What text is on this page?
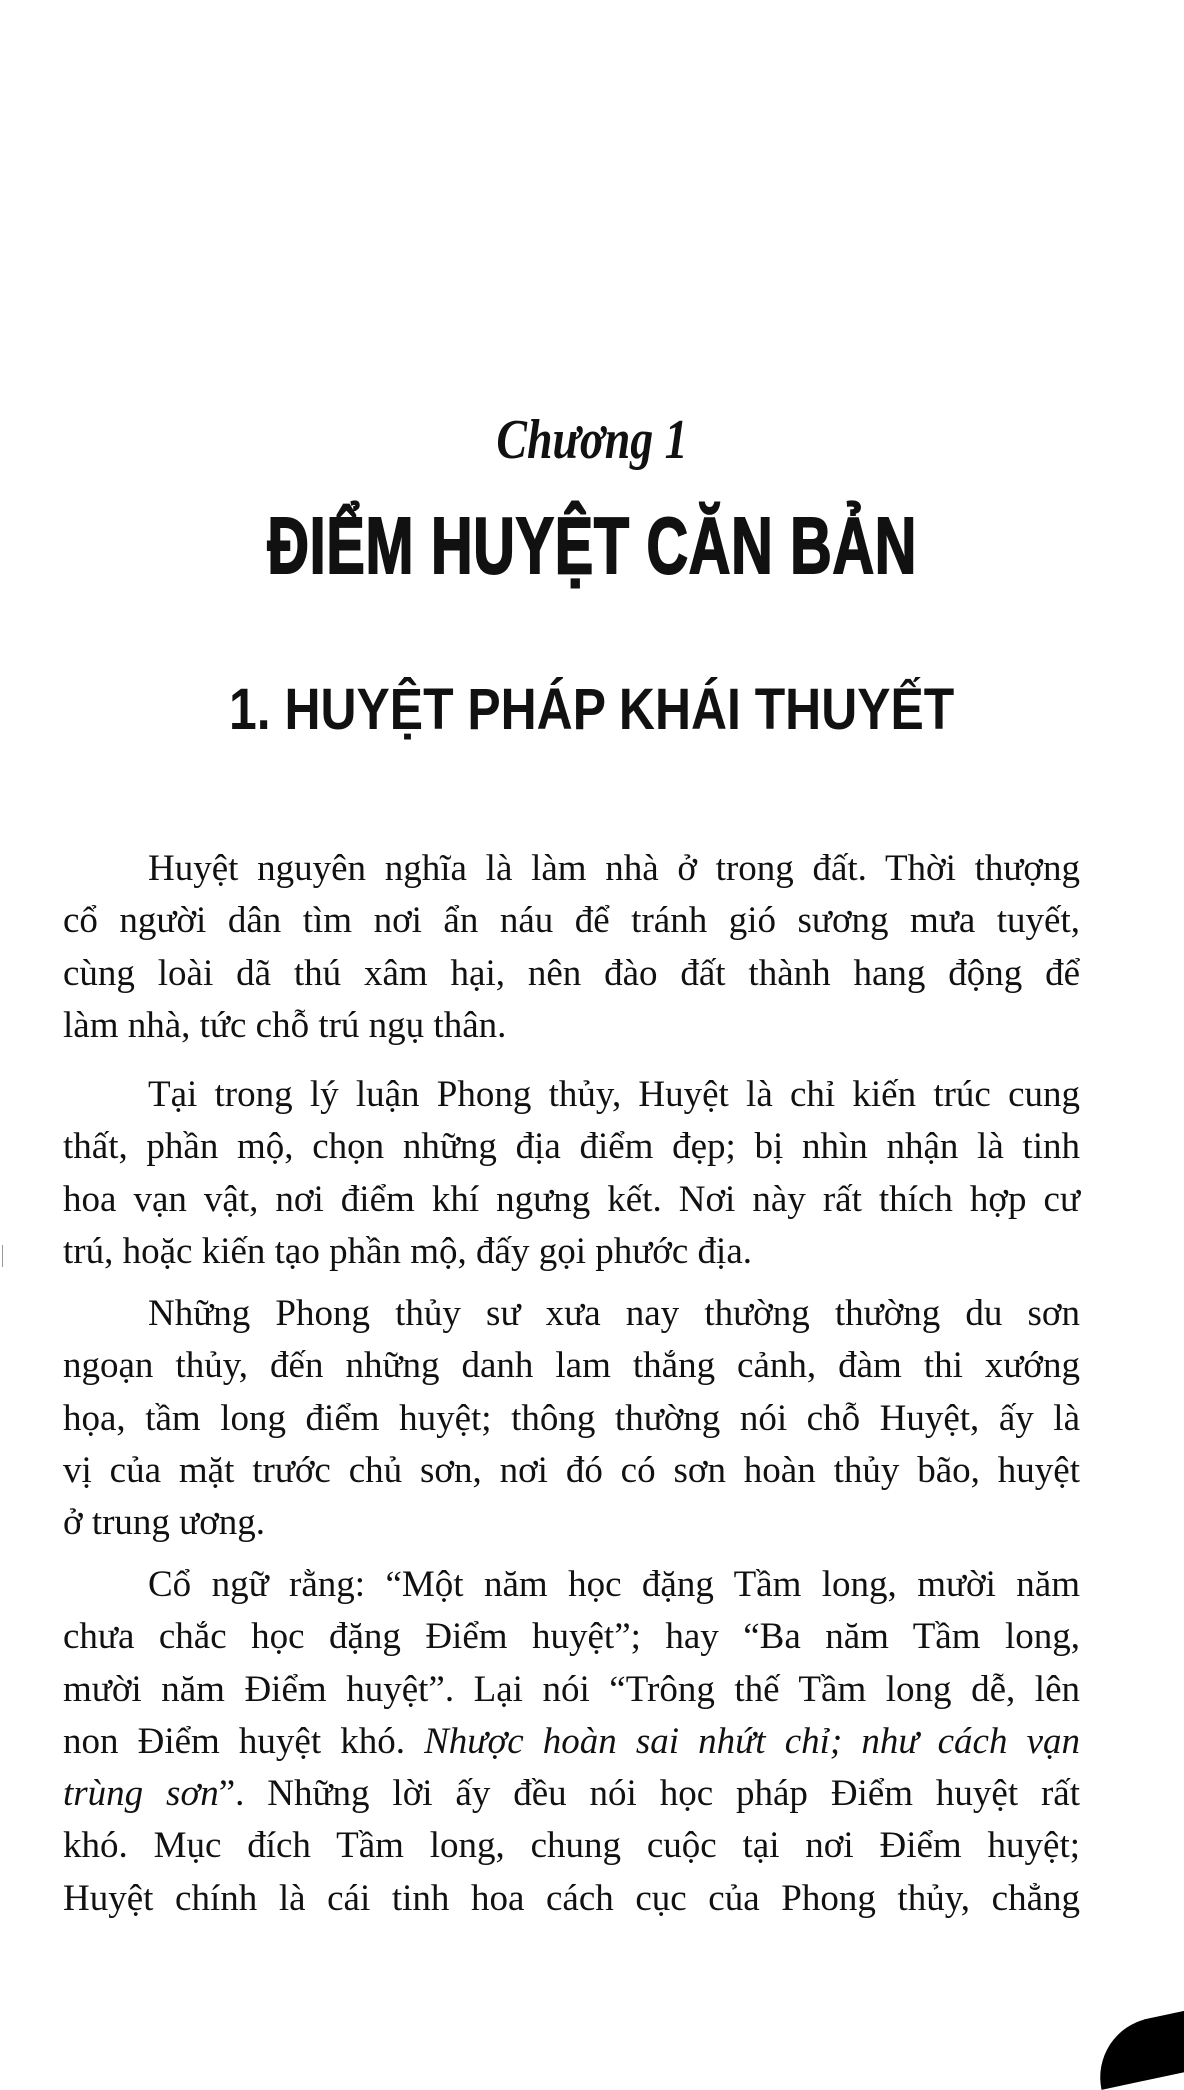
Chương 1
ĐIỂM HUYỆT CĂN BẢN
1. HUYỆT PHÁP KHÁI THUYẾT
Huyệt nguyên nghĩa là làm nhà ở trong đất. Thời thượng
cổ người dân tìm nơi ẩn náu để tránh gió sương mưa tuyết,
cùng loài dã thú xâm hại, nên đào đất thành hang động để
làm nhà, tức chỗ trú ngụ thân.
Tại trong lý luận Phong thủy, Huyệt là chỉ kiến trúc cung
thất, phần mộ, chọn những địa điểm đẹp; bị nhìn nhận là tinh
hoa vạn vật, nơi điểm khí ngưng kết. Nơi này rất thích hợp cư
trú, hoặc kiến tạo phần mộ, đấy gọi phước địa.
Những Phong thủy sư xưa nay thường thường du sơn
ngoạn thủy, đến những danh lam thắng cảnh, đàm thi xướng
họa, tầm long điểm huyệt; thông thường nói chỗ Huyệt, ấy là
vị của mặt trước chủ sơn, nơi đó có sơn hoàn thủy bão, huyệt
ở trung ương.
Cổ ngữ rằng: “Một năm học đặng Tầm long, mười năm
chưa chắc học đặng Điểm huyệt”; hay “Ba năm Tầm long,
mười năm Điểm huyệt”. Lại nói “Trông thế Tầm long dễ, lên
non Điểm huyệt khó. Nhược hoàn sai nhứt chỉ; như cách vạn
trùng sơn”. Những lời ấy đều nói học pháp Điểm huyệt rất
khó. Mục đích Tầm long, chung cuộc tại nơi Điểm huyệt;
Huyệt chính là cái tinh hoa cách cục của Phong thủy, chẳng
